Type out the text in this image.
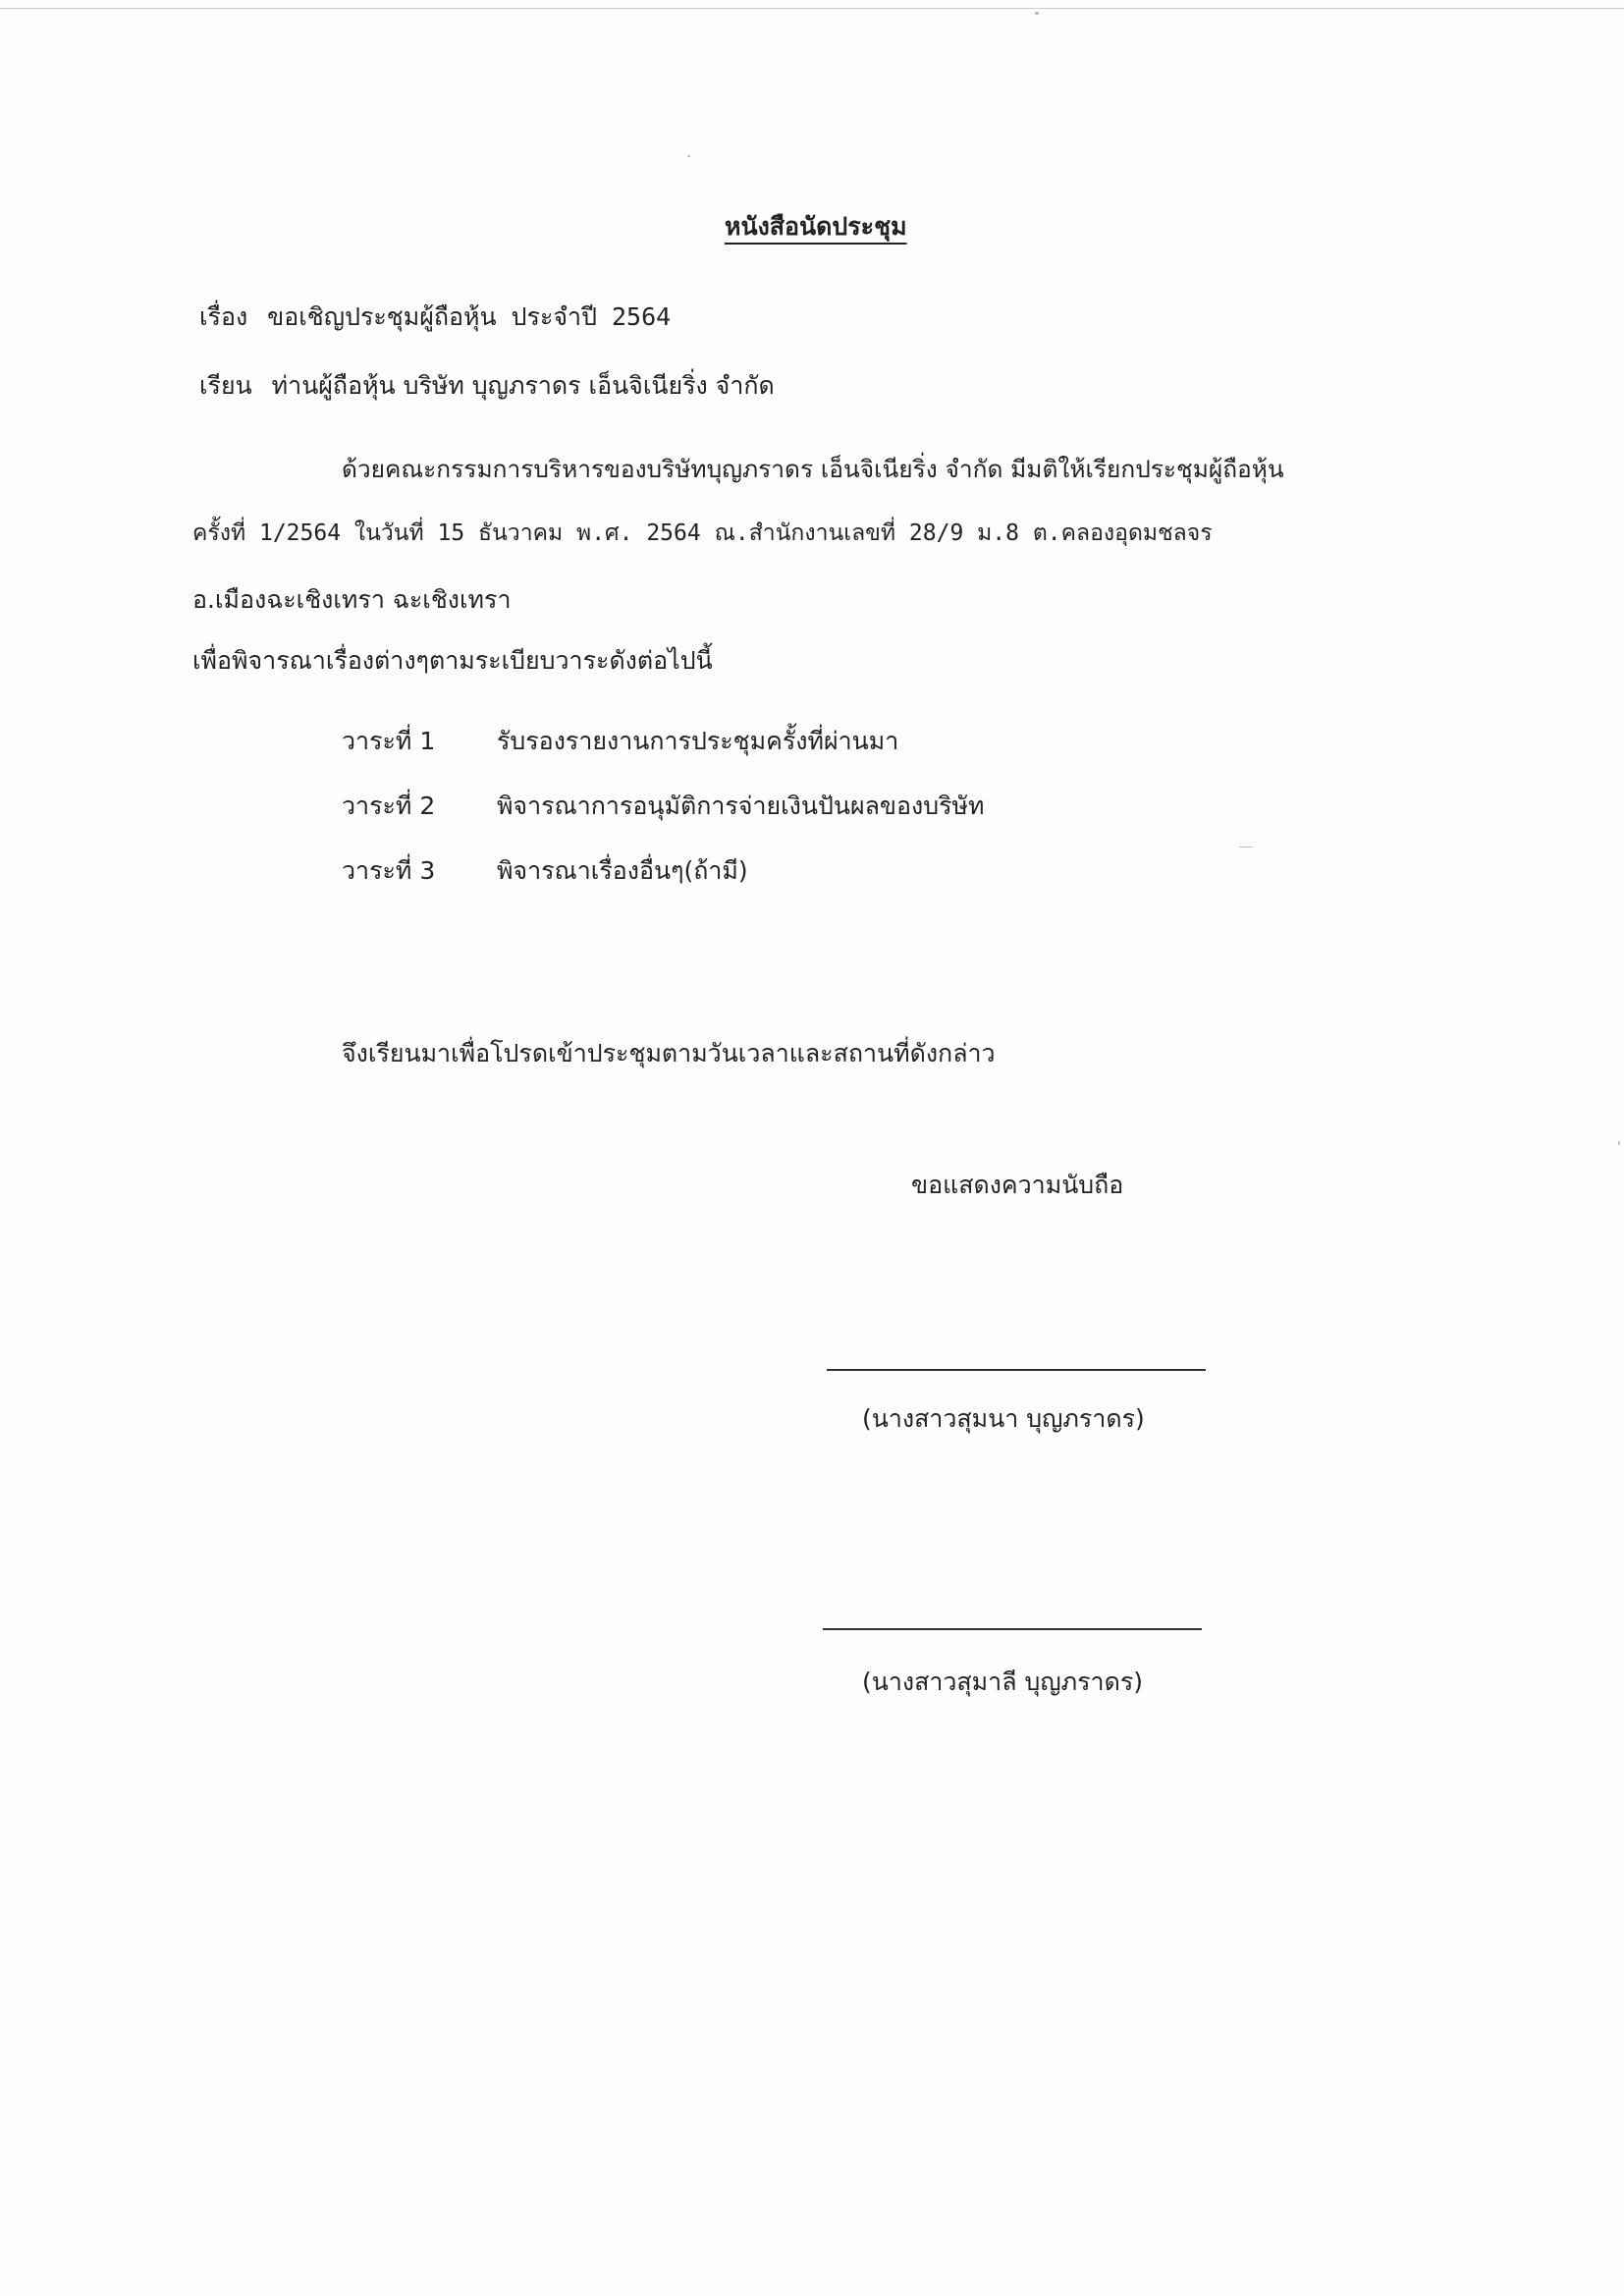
หนังสือนัดประชุม
เรื่อง ขอเชิญประชุมผู้ถือหุ้น ประจำปี 2564
เรียน ท่านผู้ถือหุ้น บริษัท บุญภราดร เอ็นจิเนียริ่ง จำกัด
ด้วยคณะกรรมการบริหารของบริษัทบุญภราดร เอ็นจิเนียริ่ง จำกัด มีมติให้เรียกประชุมผู้ถือหุ้น
ครั้งที่ 1/2564 ในวันที่ 15 ธันวาคม พ.ศ. 2564 ณ.สำนักงานเลขที่ 28/9 ม.8 ต.คลองอุดมชลจร
อ.เมืองฉะเชิงเทรา ฉะเชิงเทรา
เพื่อพิจารณาเรื่องต่างๆตามระเบียบวาระดังต่อไปนี้
วาระที่ 1	รับรองรายงานการประชุมครั้งที่ผ่านมา
วาระที่ 2	พิจารณาการอนุมัติการจ่ายเงินปันผลของบริษัท
วาระที่ 3	พิจารณาเรื่องอื่นๆ(ถ้ามี)
จึงเรียนมาเพื่อโปรดเข้าประชุมตามวันเวลาและสถานที่ดังกล่าว
ขอแสดงความนับถือ
(นางสาวสุมนา บุญภราดร)
(นางสาวสุมาลี บุญภราดร)
